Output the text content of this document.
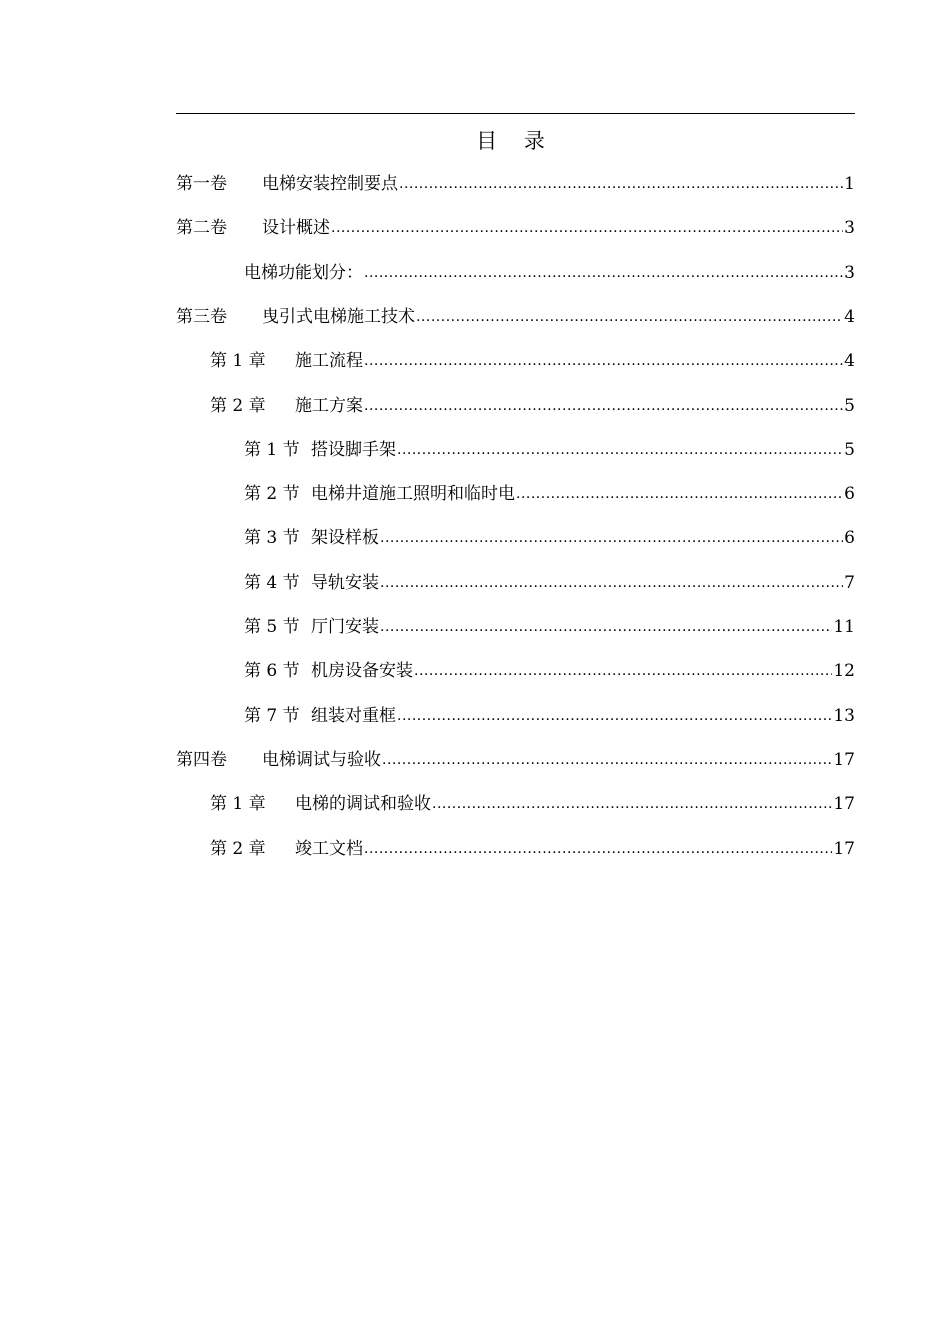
目 录
第一卷	电梯安装控制要点 .....	1
第二卷	设计概述 .....	3
电梯功能划分： .....	3
第三卷	曳引式电梯施工技术 .....	4
第 1 章	施工流程 .....	4
第 2 章	施工方案 .....	5
第 1 节 搭设脚手架 .....	5
第 2 节 电梯井道施工照明和临时电 .....	6
第 3 节 架设样板 .....	6
第 4 节 导轨安装 .....	7
第 5 节 厅门安装 .....	11
第 6 节 机房设备安装 .....	12
第 7 节 组装对重框 .....	13
第四卷	电梯调试与验收 .....	17
第 1 章	电梯的调试和验收 .....	17
第 2 章	竣工文档 .....	17
